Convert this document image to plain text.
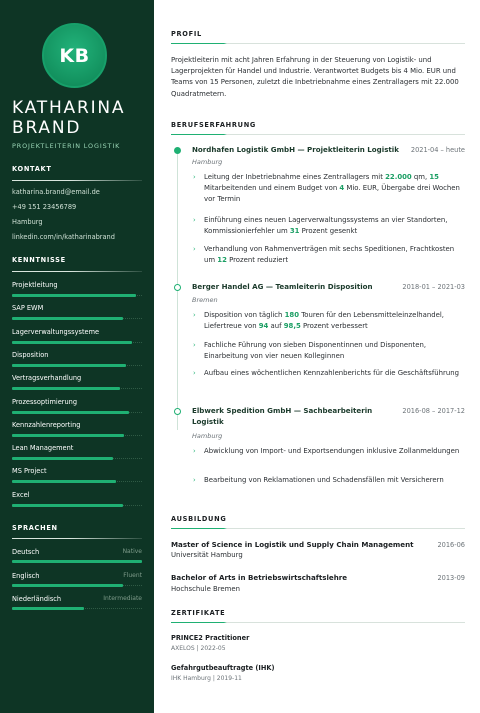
KB
KATHARINA
BRAND
PROJEKTLEITERIN LOGISTIK
KONTAKT
katharina.brand@email.de
+49 151 23456789
Hamburg
linkedin.com/in/katharinabrand
KENNTNISSE
Projektleitung
SAP EWM
Lagerverwaltungssysteme
Disposition
Vertragsverhandlung
Prozessoptimierung
Kennzahlenreporting
Lean Management
MS Project
Excel
SPRACHEN
Deutsch	Native
Englisch	Fluent
Niederländisch	Intermediate
PROFIL
Projektleiterin mit acht Jahren Erfahrung in der Steuerung von Logistik- und Lagerprojekten für Handel und Industrie. Verantwortet Budgets bis 4 Mio. EUR und Teams von 15 Personen, zuletzt die Inbetriebnahme eines Zentrallagers mit 22.000 Quadratmetern.
BERUFSERFAHRUNG
Nordhafen Logistik GmbH — Projektleiterin Logistik 2021-04 – heute
Hamburg
› Leitung der Inbetriebnahme eines Zentrallagers mit 22.000 qm, 15 Mitarbeitenden und einem Budget von 4 Mio. EUR, Übergabe drei Wochen vor Termin
› Einführung eines neuen Lagerverwaltungssystems an vier Standorten, Kommissionierfehler um 31 Prozent gesenkt
› Verhandlung von Rahmenverträgen mit sechs Speditionen, Frachtkosten um 12 Prozent reduziert
Berger Handel AG — Teamleiterin Disposition	2018-01 – 2021-03
Bremen
› Disposition von täglich 180 Touren für den Lebensmitteleinzelhandel, Liefertreue von 94 auf 98,5 Prozent verbessert
› Fachliche Führung von sieben Disponentinnen und Disponenten, Einarbeitung von vier neuen Kolleginnen
› Aufbau eines wöchentlichen Kennzahlenberichts für die Geschäftsführung
Elbwerk Spedition GmbH — Sachbearbeiterin
Logistik
2016-08 – 2017-12
Hamburg
› Abwicklung von Import- und Exportsendungen inklusive Zollanmeldungen
› Bearbeitung von Reklamationen und Schadensfällen mit Versicherern
AUSBILDUNG
Master of Science in Logistik und Supply Chain Management	2016-06
Universität Hamburg
Bachelor of Arts in Betriebswirtschaftslehre	2013-09
Hochschule Bremen
ZERTIFIKATE
PRINCE2 Practitioner
AXELOS | 2022-05
Gefahrgutbeauftragte (IHK)
IHK Hamburg | 2019-11
